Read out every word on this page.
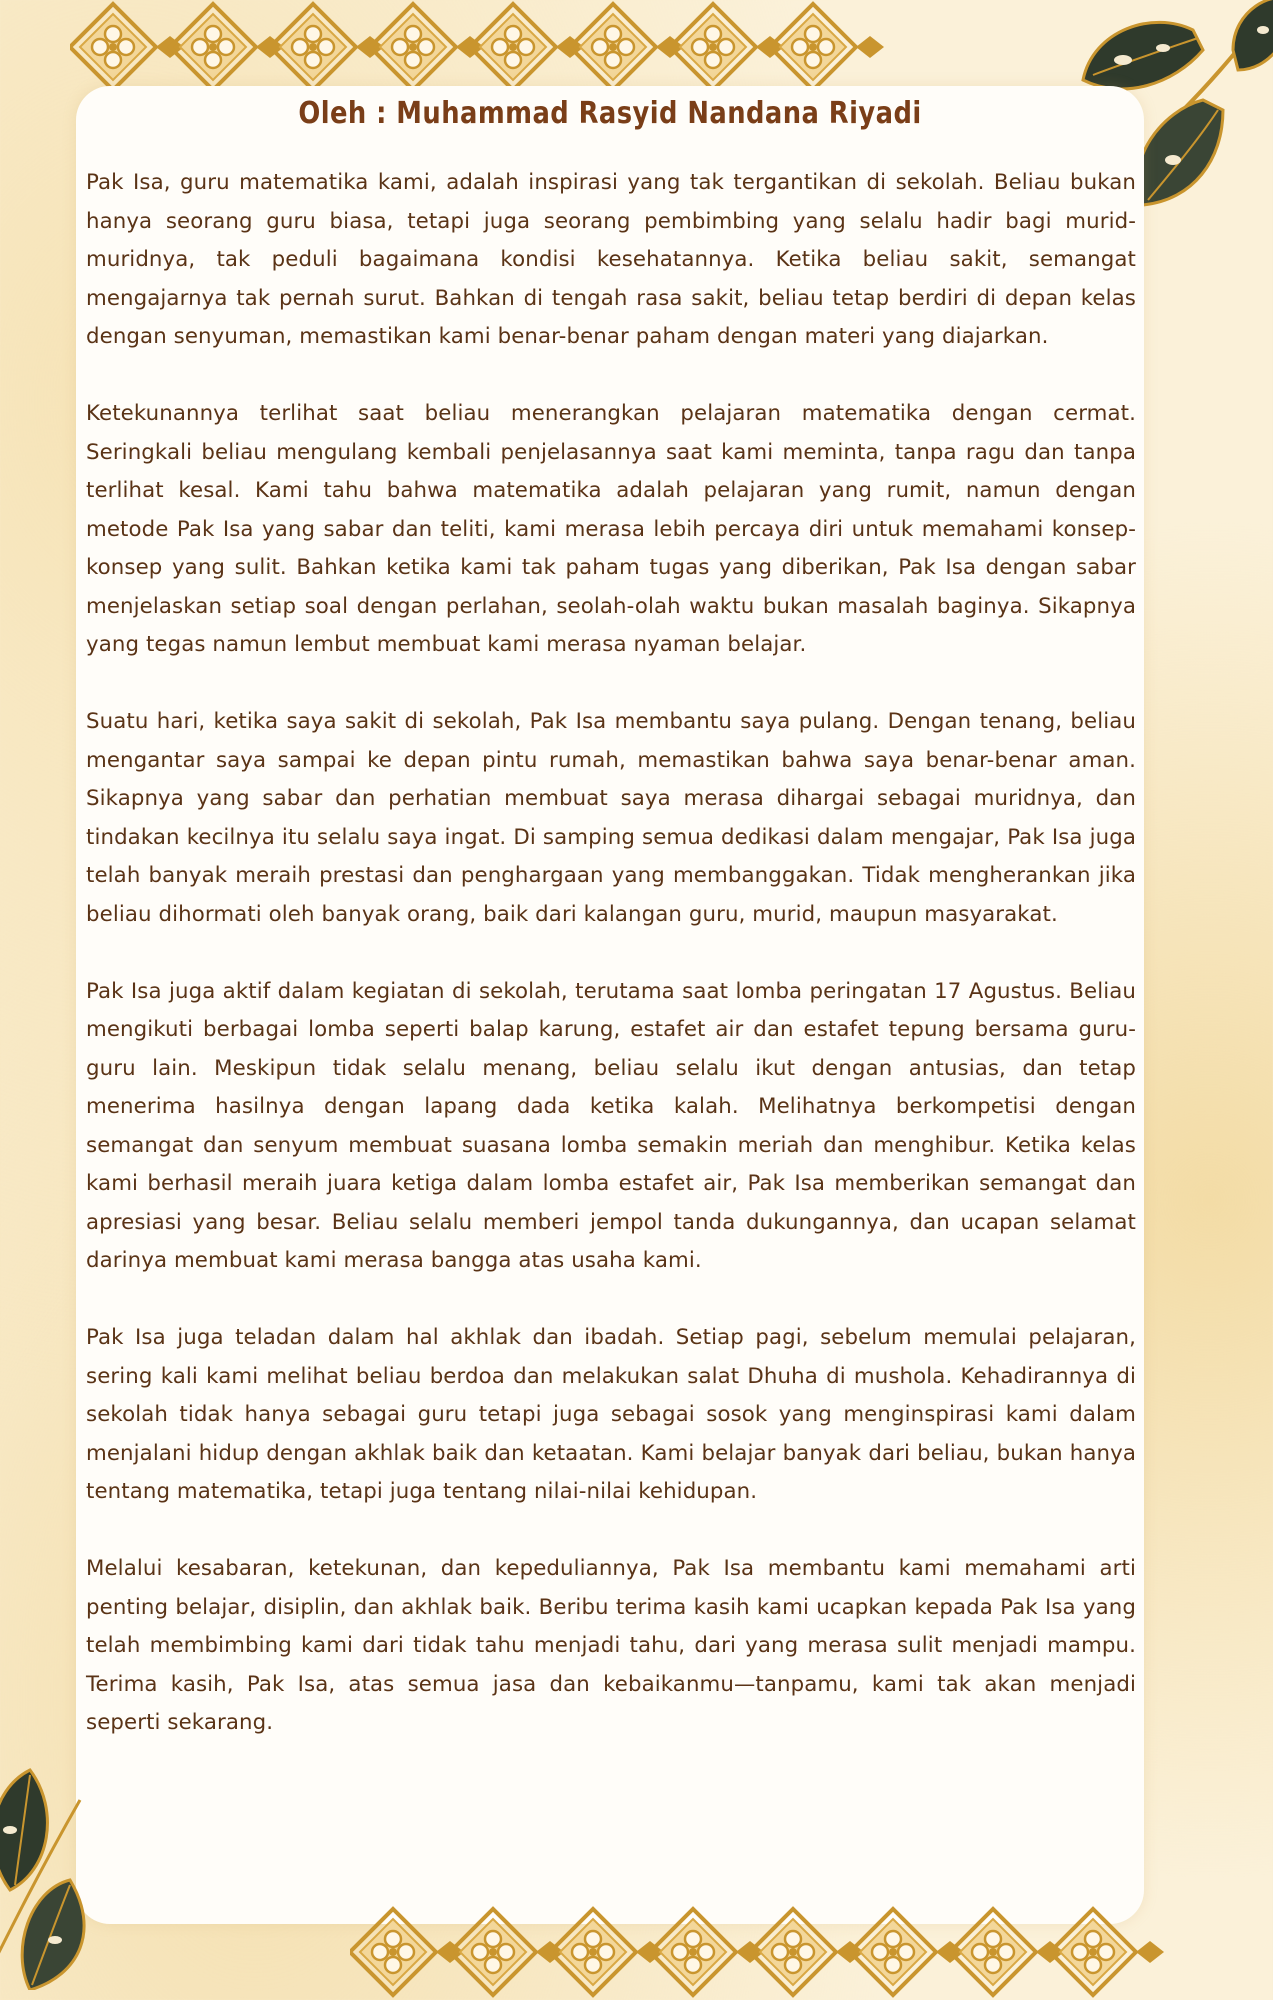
Oleh : Muhammad Rasyid Nandana Riyadi

Pak Isa, guru matematika kami, adalah inspirasi yang tak tergantikan di sekolah. Beliau bukan hanya seorang guru biasa, tetapi juga seorang pembimbing yang selalu hadir bagi murid-muridnya, tak peduli bagaimana kondisi kesehatannya. Ketika beliau sakit, semangat mengajarnya tak pernah surut. Bahkan di tengah rasa sakit, beliau tetap berdiri di depan kelas dengan senyuman, memastikan kami benar-benar paham dengan materi yang diajarkan.

Ketekunannya terlihat saat beliau menerangkan pelajaran matematika dengan cermat. Seringkali beliau mengulang kembali penjelasannya saat kami meminta, tanpa ragu dan tanpa terlihat kesal. Kami tahu bahwa matematika adalah pelajaran yang rumit, namun dengan metode Pak Isa yang sabar dan teliti, kami merasa lebih percaya diri untuk memahami konsep-konsep yang sulit. Bahkan ketika kami tak paham tugas yang diberikan, Pak Isa dengan sabar menjelaskan setiap soal dengan perlahan, seolah-olah waktu bukan masalah baginya. Sikapnya yang tegas namun lembut membuat kami merasa nyaman belajar.

Suatu hari, ketika saya sakit di sekolah, Pak Isa membantu saya pulang. Dengan tenang, beliau mengantar saya sampai ke depan pintu rumah, memastikan bahwa saya benar-benar aman. Sikapnya yang sabar dan perhatian membuat saya merasa dihargai sebagai muridnya, dan tindakan kecilnya itu selalu saya ingat. Di samping semua dedikasi dalam mengajar, Pak Isa juga telah banyak meraih prestasi dan penghargaan yang membanggakan. Tidak mengherankan jika beliau dihormati oleh banyak orang, baik dari kalangan guru, murid, maupun masyarakat.

Pak Isa juga aktif dalam kegiatan di sekolah, terutama saat lomba peringatan 17 Agustus. Beliau mengikuti berbagai lomba seperti balap karung, estafet air dan estafet tepung bersama guru-guru lain. Meskipun tidak selalu menang, beliau selalu ikut dengan antusias, dan tetap menerima hasilnya dengan lapang dada ketika kalah. Melihatnya berkompetisi dengan semangat dan senyum membuat suasana lomba semakin meriah dan menghibur. Ketika kelas kami berhasil meraih juara ketiga dalam lomba estafet air, Pak Isa memberikan semangat dan apresiasi yang besar. Beliau selalu memberi jempol tanda dukungannya, dan ucapan selamat darinya membuat kami merasa bangga atas usaha kami.

Pak Isa juga teladan dalam hal akhlak dan ibadah. Setiap pagi, sebelum memulai pelajaran, sering kali kami melihat beliau berdoa dan melakukan salat Dhuha di mushola. Kehadirannya di sekolah tidak hanya sebagai guru tetapi juga sebagai sosok yang menginspirasi kami dalam menjalani hidup dengan akhlak baik dan ketaatan. Kami belajar banyak dari beliau, bukan hanya tentang matematika, tetapi juga tentang nilai-nilai kehidupan.

Melalui kesabaran, ketekunan, dan kepeduliannya, Pak Isa membantu kami memahami arti penting belajar, disiplin, dan akhlak baik. Beribu terima kasih kami ucapkan kepada Pak Isa yang telah membimbing kami dari tidak tahu menjadi tahu, dari yang merasa sulit menjadi mampu. Terima kasih, Pak Isa, atas semua jasa dan kebaikanmu—tanpamu, kami tak akan menjadi seperti sekarang.
